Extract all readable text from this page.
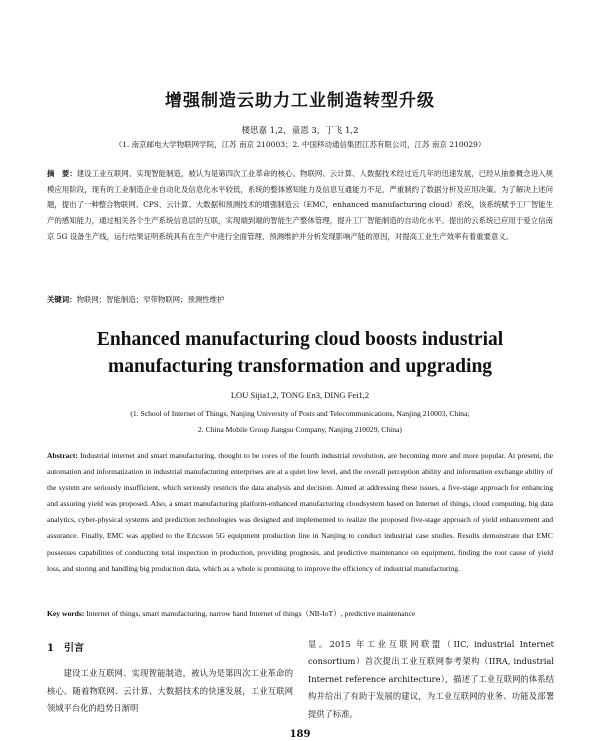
增强制造云助力工业制造转型升级
楼思嘉 1,2，童恩 3，丁飞 1,2
（1. 南京邮电大学物联网学院，江苏 南京 210003；2. 中国移动通信集团江苏有限公司，江苏 南京 210029）
摘　要：建设工业互联网、实现智能制造，被认为是第四次工业革命的核心。物联网、云计算、人数据技术经过近几年的迅速发展，已经从抽象概念进入规模应用阶段，现有的工业制造企业自动化及信息化水平较低，系统的整体感知能力及信息互通能力不足，严重制约了数据分析及应用决策。为了解决上述问题，提出了一种整合物联网、CPS、云计算、大数据和预测技术的增强制造云（EMC，enhanced manufacturing cloud）系统，该系统赋予工厂智能生产的感知能力，通过相关各个生产系统信息层的互联，实现端到端的智能生产整体管理，提升工厂智能制造的自动化水平。提出的云系统已应用于爱立信南京 5G 设备生产线，运行结果证明系统具有在生产中进行全面管理、预测维护并分析发现影响产能的原因，对提高工业生产效率有着重要意义。
关键词：物联网；智能制造；窄带物联网；预测性维护
Enhanced manufacturing cloud boosts industrial
manufacturing transformation and upgrading
LOU Sijia1,2, TONG En3, DING Fei1,2
(1. School of Internet of Things, Nanjing University of Posts and Telecommunications, Nanjing 210003, China;
2. China Mobile Group Jiangsu Company, Nanjing 210029, China)
Abstract: Industrial internet and smart manufacturing, thought to be cores of the fourth industrial revolution, are becoming more and more popular. At present, the automation and informatization in industrial manufacturing enterprises are at a quiet low level, and the overall perception ability and information exchange ability of the system are seriously insufficient, which seriously restricts the data analysis and decision. Aimed at addressing these issues, a five-stage approach for enhancing and assuring yield was proposed. Also, a smart manufacturing platform-enhanced manufacturing cloudsystem based on Internet of things, cloud computing, big data analytics, cyber-physical systems and prediction technologies was designed and implemented to realize the proposed five-stage approach of yield enhancement and assurance. Finally, EMC was applied to the Ericsson 5G equipment production line in Nanjing to conduct industrial case studies. Results demonstrate that EMC possesses capabilities of conducting total inspection in production, providing prognosis, and predictive maintenance on equipment, finding the root cause of yield loss, and storing and handling big production data, which as a whole is promising to improve the efficiency of industrial manufacturing.
Key words: Internet of things, smart manufacturing, narrow band Internet of things（NB-IoT）, predictive maintenance
1　引言
建设工业互联网、实现智能制造，被认为是第四次工业革命的核心。随着物联网、云计算、大数据技术的快速发展，工业互联网领域平台化的趋势日渐明
显。2015 年工业互联网联盟（IIC, industrial Internet consortium）首次提出工业互联网参考架构（IIRA, industrial Internet reference architecture），描述了工业互联网的体系结构并给出了有助于发展的建议，为工业互联网的业务、功能及部署提供了标准。
189
